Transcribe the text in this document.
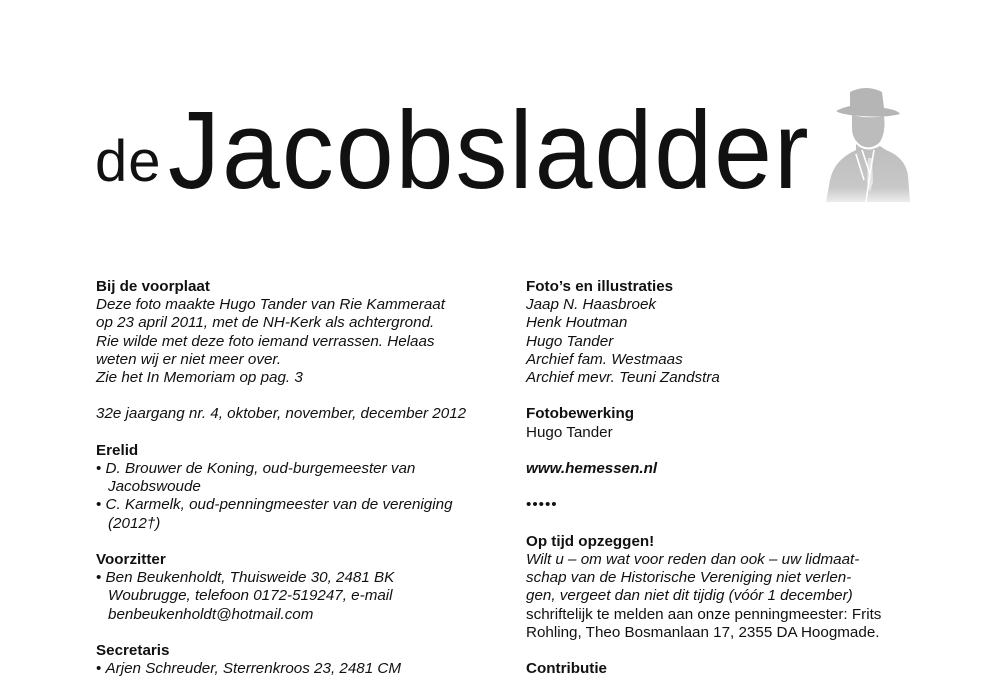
de Jacobsladder
Bij de voorplaat
Deze foto maakte Hugo Tander van Rie Kammeraat
op 23 april 2011, met de NH-Kerk als achtergrond.
Rie wilde met deze foto iemand verrassen. Helaas
weten wij er niet meer over.
Zie het In Memoriam op pag. 3
32e jaargang nr. 4, oktober, november, december 2012
Erelid
• D. Brouwer de Koning, oud-burgemeester van Jacobswoude
• C. Karmelk, oud-penningmeester van de vereniging (2012†)
Voorzitter
• Ben Beukenholdt, Thuisweide 30, 2481 BK Woubrugge, telefoon 0172-519247, e-mail benbeukenholdt@hotmail.com
Secretaris
• Arjen Schreuder, Sterrenkroos 23, 2481 CM
Foto’s en illustraties
Jaap N. Haasbroek
Henk Houtman
Hugo Tander
Archief fam. Westmaas
Archief mevr. Teuni Zandstra
Fotobewerking
Hugo Tander
www.hemessen.nl
•••••
Op tijd opzeggen!
Wilt u – om wat voor reden dan ook – uw lidmaat-
schap van de Historische Vereniging niet verlen-
gen, vergeet dan niet dit tijdig (vóór 1 december)
schriftelijk te melden aan onze penningmeester: Frits
Rohling, Theo Bosmanlaan 17, 2355 DA Hoogmade.
Contributie
